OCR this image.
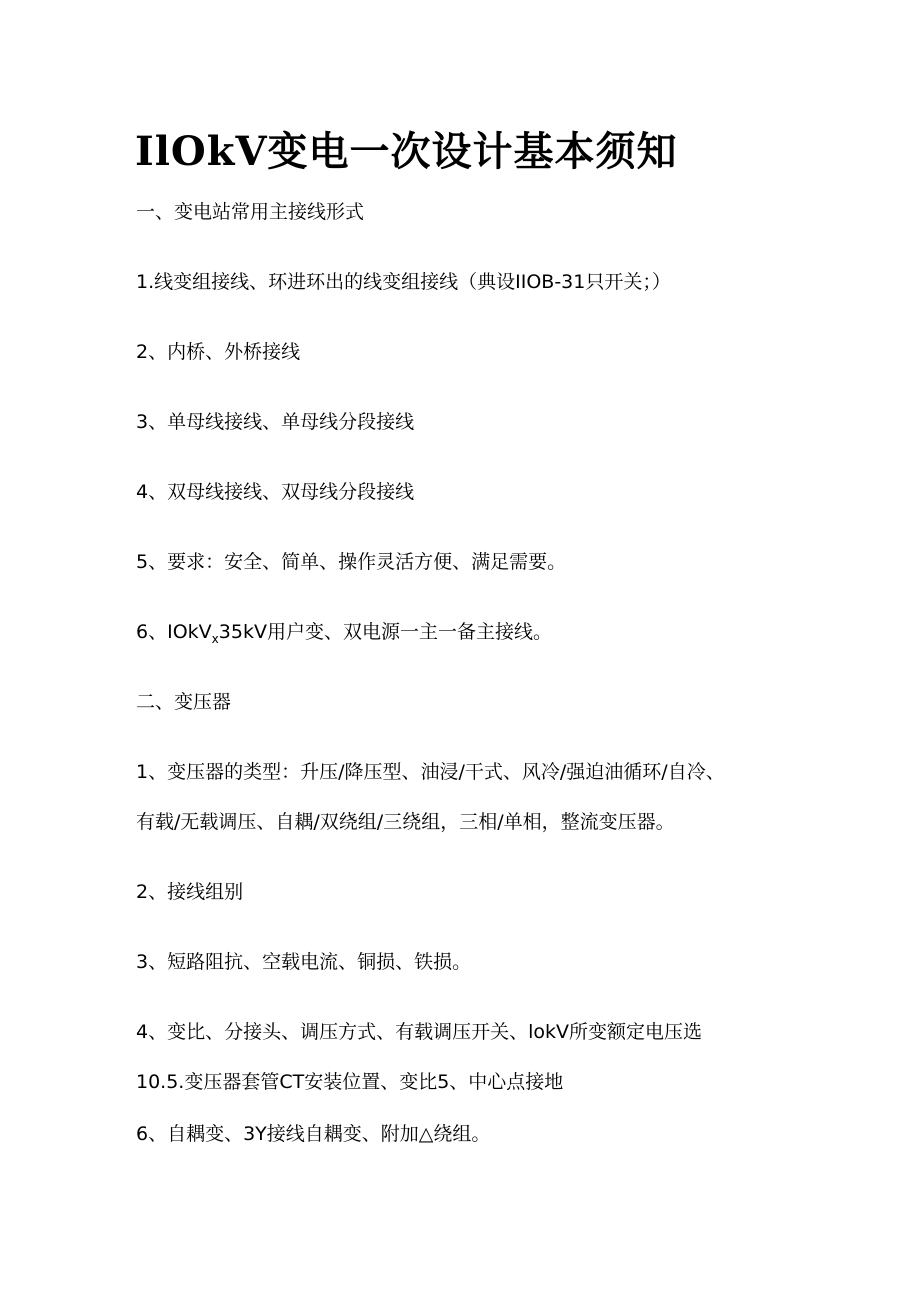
IlOkV变电一次设计基本须知
一、变电站常用主接线形式
1.线变组接线、环进环出的线变组接线（典设IIOB-31只开关；）
2、内桥、外桥接线
3、单母线接线、单母线分段接线
4、双母线接线、双母线分段接线
5、要求：安全、简单、操作灵活方便、满足需要。
6、IOkV$_x$35kV用户变、双电源一主一备主接线。
二、变压器
1、变压器的类型：升压/降压型、油浸/干式、风冷/强迫油循环/自冷、
有载/无载调压、自耦/双绕组/三绕组，三相/单相，整流变压器。
2、接线组别
3、短路阻抗、空载电流、铜损、铁损。
4、变比、分接头、调压方式、有载调压开关、lokV所变额定电压选
10.5.变压器套管CT安装位置、变比5、中心点接地
6、自耦变、3Y接线自耦变、附加△绕组。
